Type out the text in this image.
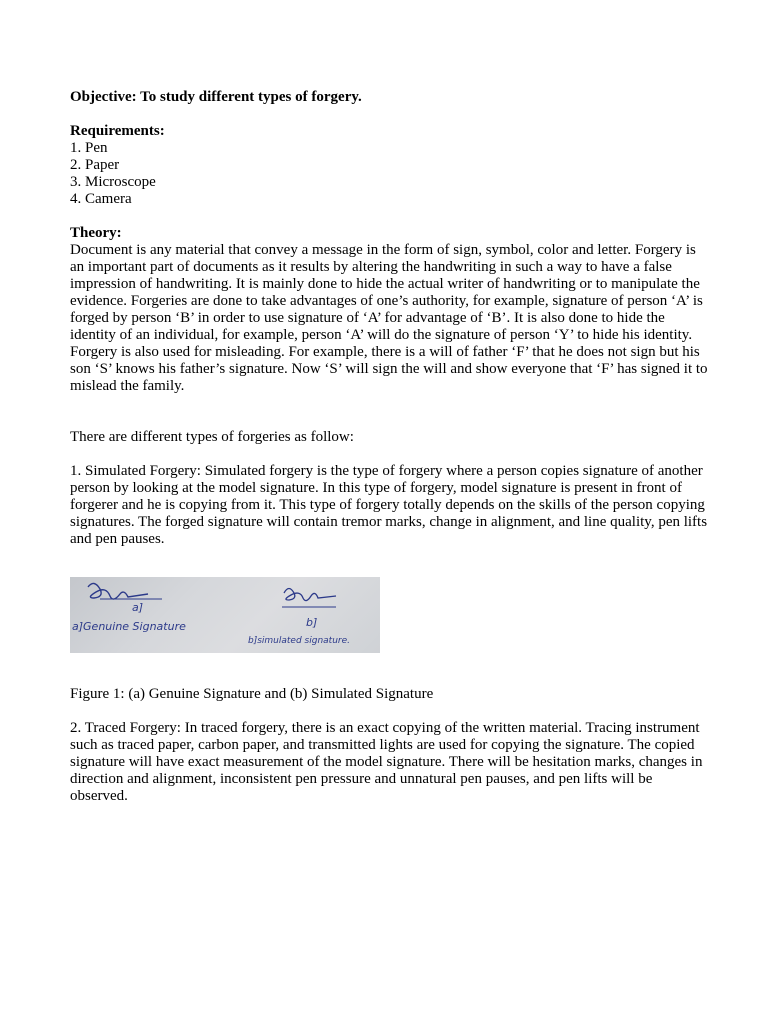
Objective: To study different types of forgery.

Requirements:

1. Pen
2. Paper
3. Microscope
4. Camera

Theory:

Document is any material that convey a message in the form of sign, symbol, color and letter. Forgery is an important part of documents as it results by altering the handwriting in such a way to have a false impression of handwriting. It is mainly done to hide the actual writer of handwriting or to manipulate the evidence. Forgeries are done to take advantages of one’s authority, for example, signature of person ‘A’ is forged by person ‘B’ in order to use signature of ‘A’ for advantage of ‘B’. It is also done to hide the identity of an individual, for example, person ‘A’ will do the signature of person ‘Y’ to hide his identity.

Forgery is also used for misleading. For example, there is a will of father ‘F’ that he does not sign but his son ‘S’ knows his father’s signature. Now ‘S’ will sign the will and show everyone that ‘F’ has signed it to mislead the family.

There are different types of forgeries as follow:

1. Simulated Forgery: Simulated forgery is the type of forgery where a person copies signature of another person by looking at the model signature. In this type of forgery, model signature is present in front of forgerer and he is copying from it. This type of forgery totally depends on the skills of the person copying signatures. The forged signature will contain tremor marks, change in alignment, and line quality, pen lifts and pen pauses.

a]
a]Genuine Signature	b]
b]simulated signature.

Figure 1: (a) Genuine Signature and (b) Simulated Signature

2. Traced Forgery: In traced forgery, there is an exact copying of the written material. Tracing instrument such as traced paper, carbon paper, and transmitted lights are used for copying the signature. The copied signature will have exact measurement of the model signature. There will be hesitation marks, changes in direction and alignment, inconsistent pen pressure and unnatural pen pauses, and pen lifts will be observed.
